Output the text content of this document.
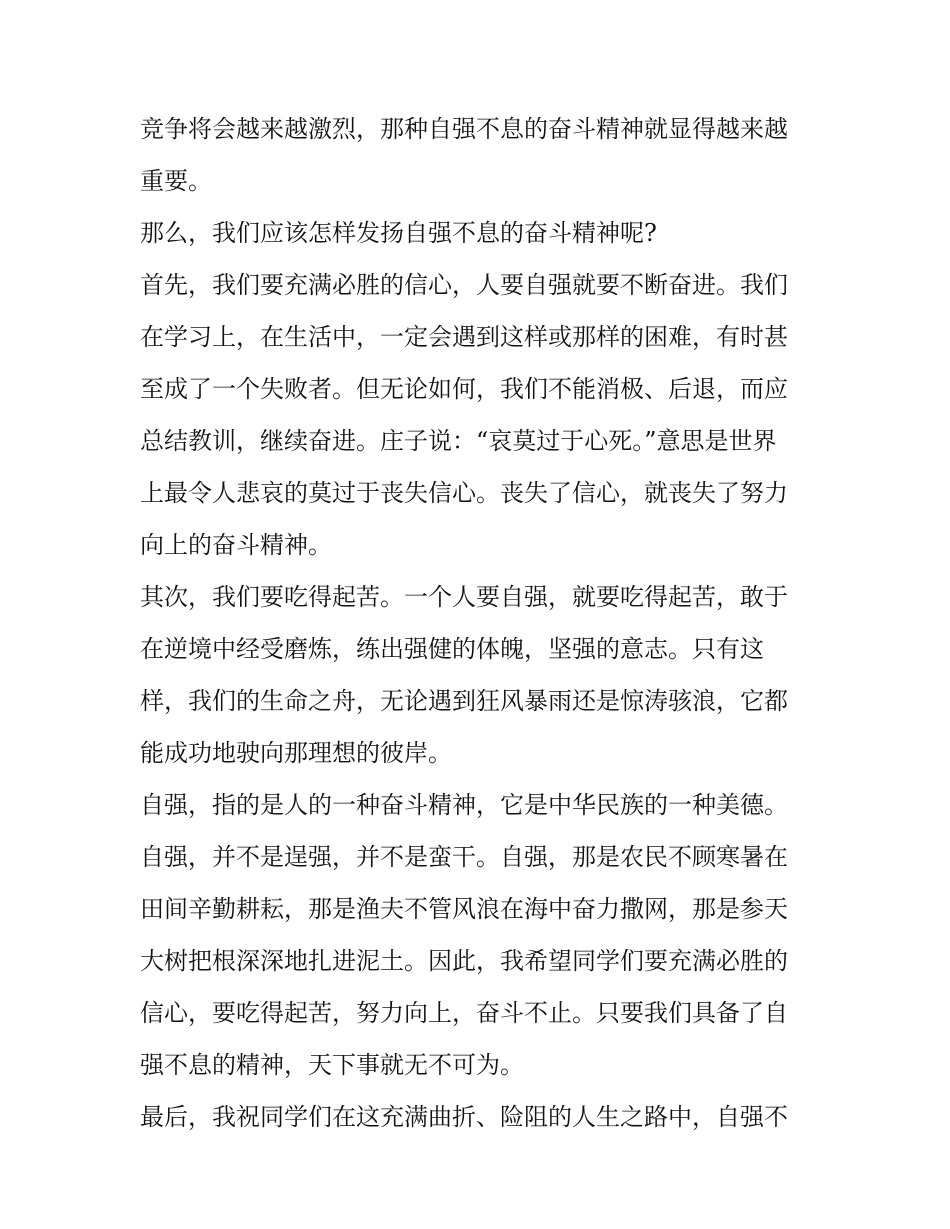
竞争将会越来越激烈，那种自强不息的奋斗精神就显得越来越
重要。
那么，我们应该怎样发扬自强不息的奋斗精神呢?
首先，我们要充满必胜的信心，人要自强就要不断奋进。我们
在学习上，在生活中，一定会遇到这样或那样的困难，有时甚
至成了一个失败者。但无论如何，我们不能消极、后退，而应
总结教训，继续奋进。庄子说：“哀莫过于心死。”意思是世界
上最令人悲哀的莫过于丧失信心。丧失了信心，就丧失了努力
向上的奋斗精神。
其次，我们要吃得起苦。一个人要自强，就要吃得起苦，敢于
在逆境中经受磨炼，练出强健的体魄，坚强的意志。只有这
样，我们的生命之舟，无论遇到狂风暴雨还是惊涛骇浪，它都
能成功地驶向那理想的彼岸。
自强，指的是人的一种奋斗精神，它是中华民族的一种美德。
自强，并不是逞强，并不是蛮干。自强，那是农民不顾寒暑在
田间辛勤耕耘，那是渔夫不管风浪在海中奋力撒网，那是参天
大树把根深深地扎进泥土。因此，我希望同学们要充满必胜的
信心，要吃得起苦，努力向上，奋斗不止。只要我们具备了自
强不息的精神，天下事就无不可为。
最后，我祝同学们在这充满曲折、险阻的人生之路中，自强不
